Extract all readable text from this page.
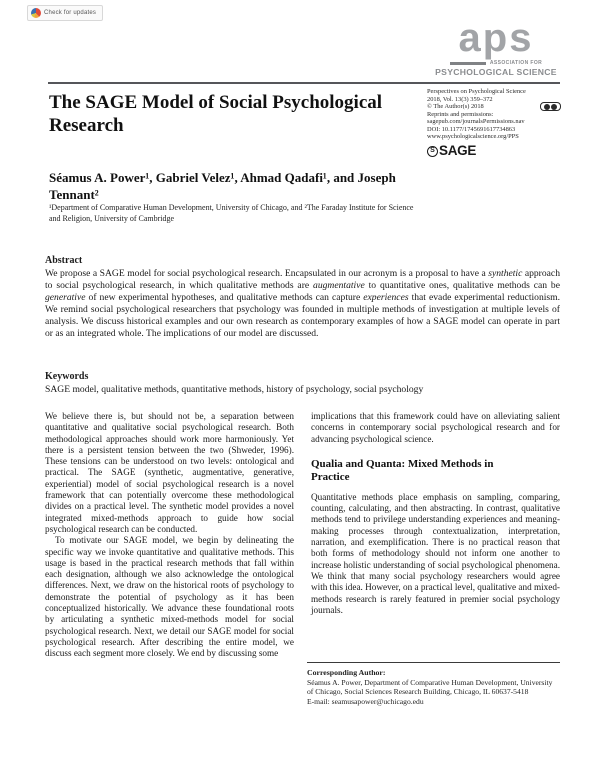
Check for updates
aps
ASSOCIATION FOR
PSYCHOLOGICAL SCIENCE
Perspectives on Psychological Science
2018, Vol. 13(3) 359–372
© The Author(s) 2018
Reprints and permissions:
sagepub.com/journalsPermissions.nav
DOI: 10.1177/1745691617734863
www.psychologicalscience.org/PPS
S SAGE
The SAGE Model of Social Psychological Research
Séamus A. Power¹, Gabriel Velez¹, Ahmad Qadafi¹, and Joseph Tennant²
¹Department of Comparative Human Development, University of Chicago, and ²The Faraday Institute for Science and Religion, University of Cambridge
Abstract
We propose a SAGE model for social psychological research. Encapsulated in our acronym is a proposal to have a synthetic approach to social psychological research, in which qualitative methods are augmentative to quantitative ones, qualitative methods can be generative of new experimental hypotheses, and qualitative methods can capture experiences that evade experimental reductionism. We remind social psychological researchers that psychology was founded in multiple methods of investigation at multiple levels of analysis. We discuss historical examples and our own research as contemporary examples of how a SAGE model can operate in part or as an integrated whole. The implications of our model are discussed.
Keywords
SAGE model, qualitative methods, quantitative methods, history of psychology, social psychology

We believe there is, but should not be, a separation between quantitative and qualitative social psychological research. Both methodological approaches should work more harmoniously. Yet there is a persistent tension between the two (Shweder, 1996). These tensions can be understood on two levels: ontological and practical. The SAGE (synthetic, augmentative, generative, experiential) model of social psychological research is a novel framework that can potentially overcome these methodological divides on a practical level. The synthetic model provides a novel integrated mixed-methods approach to guide how social psychological research can be conducted.

To motivate our SAGE model, we begin by delineating the specific way we invoke quantitative and qualitative methods. This usage is based in the practical research methods that fall within each designation, although we also acknowledge the ontological differences. Next, we draw on the historical roots of psychology to demonstrate the potential of psychology as it has been conceptualized historically. We advance these foundational roots by articulating a synthetic mixed-methods model for social psychological research. Next, we detail our SAGE model for social psychological research. After describing the entire model, we discuss each segment more closely. We end by discussing some

implications that this framework could have on alleviating salient concerns in contemporary social psychological research and for advancing psychological science.

Qualia and Quanta: Mixed Methods in Practice

Quantitative methods place emphasis on sampling, comparing, counting, calculating, and then abstracting. In contrast, qualitative methods tend to privilege understanding experiences and meaning-making processes through contextualization, interpretation, narration, and exemplification. There is no practical reason that both forms of methodology should not inform one another to increase holistic understanding of social psychological phenomena. We think that many social psychology researchers would agree with this idea. However, on a practical level, qualitative and mixed-methods research is rarely featured in premier social psychology journals.

Corresponding Author:
Séamus A. Power, Department of Comparative Human Development, University of Chicago, Social Sciences Research Building, Chicago, IL 60637-5418
E-mail: seamusapower@uchicago.edu
